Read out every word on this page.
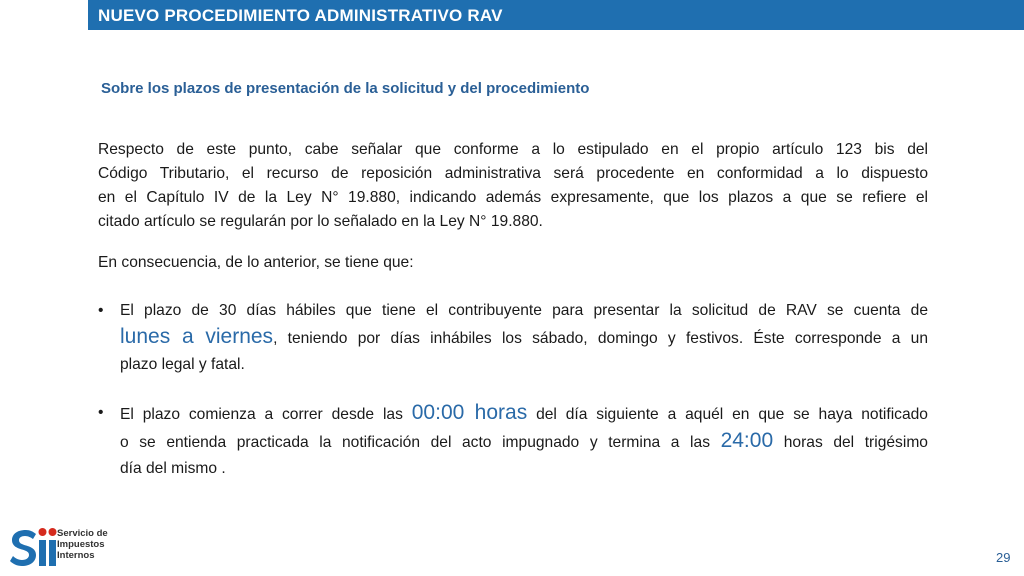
NUEVO PROCEDIMIENTO ADMINISTRATIVO RAV
Sobre los plazos de presentación de la solicitud y del procedimiento
Respecto de este punto, cabe señalar que conforme a lo estipulado en el propio artículo 123 bis del
Código Tributario, el recurso de reposición administrativa será procedente en conformidad a lo dispuesto
en el Capítulo IV de la Ley N° 19.880, indicando además expresamente, que los plazos a que se refiere el
citado artículo se regularán por lo señalado en la Ley N° 19.880.
En consecuencia, de lo anterior, se tiene que:
• El plazo de 30 días hábiles que tiene el contribuyente para presentar la solicitud de RAV se cuenta de
lunes a viernes, teniendo por días inhábiles los sábado, domingo y festivos. Éste corresponde a un
plazo legal y fatal.
• El plazo comienza a correr desde las 00:00 horas del día siguiente a aquél en que se haya notificado
o se entienda practicada la notificación del acto impugnado y termina a las 24:00 horas del trigésimo
día del mismo .
Servicio de
Impuestos
Internos	29
